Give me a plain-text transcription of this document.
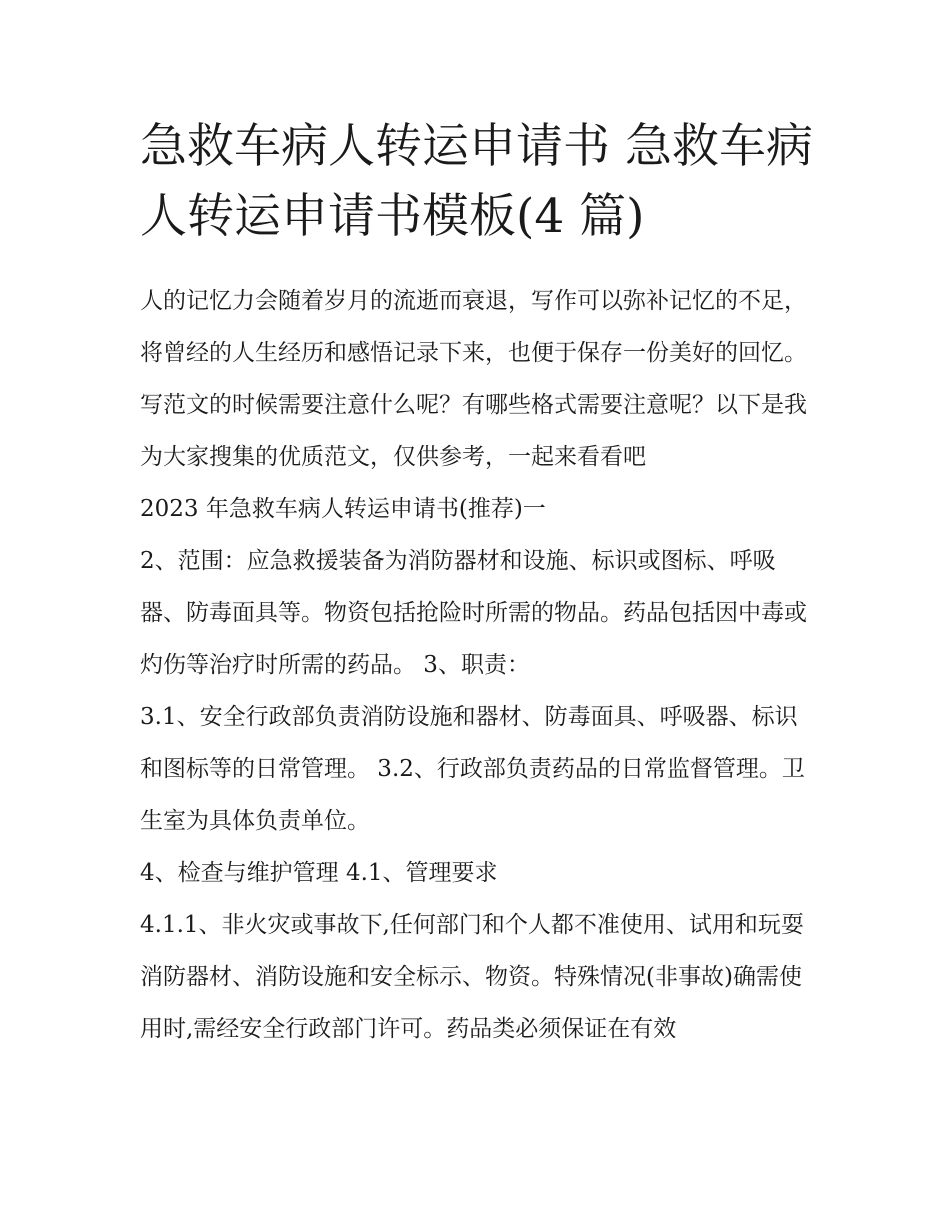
急救车病人转运申请书 急救车病人转运申请书模板(4 篇)

人的记忆力会随着岁月的流逝而衰退，写作可以弥补记忆的不足，将曾经的人生经历和感悟记录下来，也便于保存一份美好的回忆。写范文的时候需要注意什么呢？有哪些格式需要注意呢？以下是我为大家搜集的优质范文，仅供参考，一起来看看吧

2023 年急救车病人转运申请书(推荐)一

2、范围：应急救援装备为消防器材和设施、标识或图标、呼吸器、防毒面具等。物资包括抢险时所需的物品。药品包括因中毒或灼伤等治疗时所需的药品。 3、职责：

3.1、安全行政部负责消防设施和器材、防毒面具、呼吸器、标识和图标等的日常管理。 3.2、行政部负责药品的日常监督管理。卫生室为具体负责单位。

4、检查与维护管理 4.1、管理要求

4.1.1、非火灾或事故下,任何部门和个人都不准使用、试用和玩耍消防器材、消防设施和安全标示、物资。特殊情况(非事故)确需使用时,需经安全行政部门许可。药品类必须保证在有效
